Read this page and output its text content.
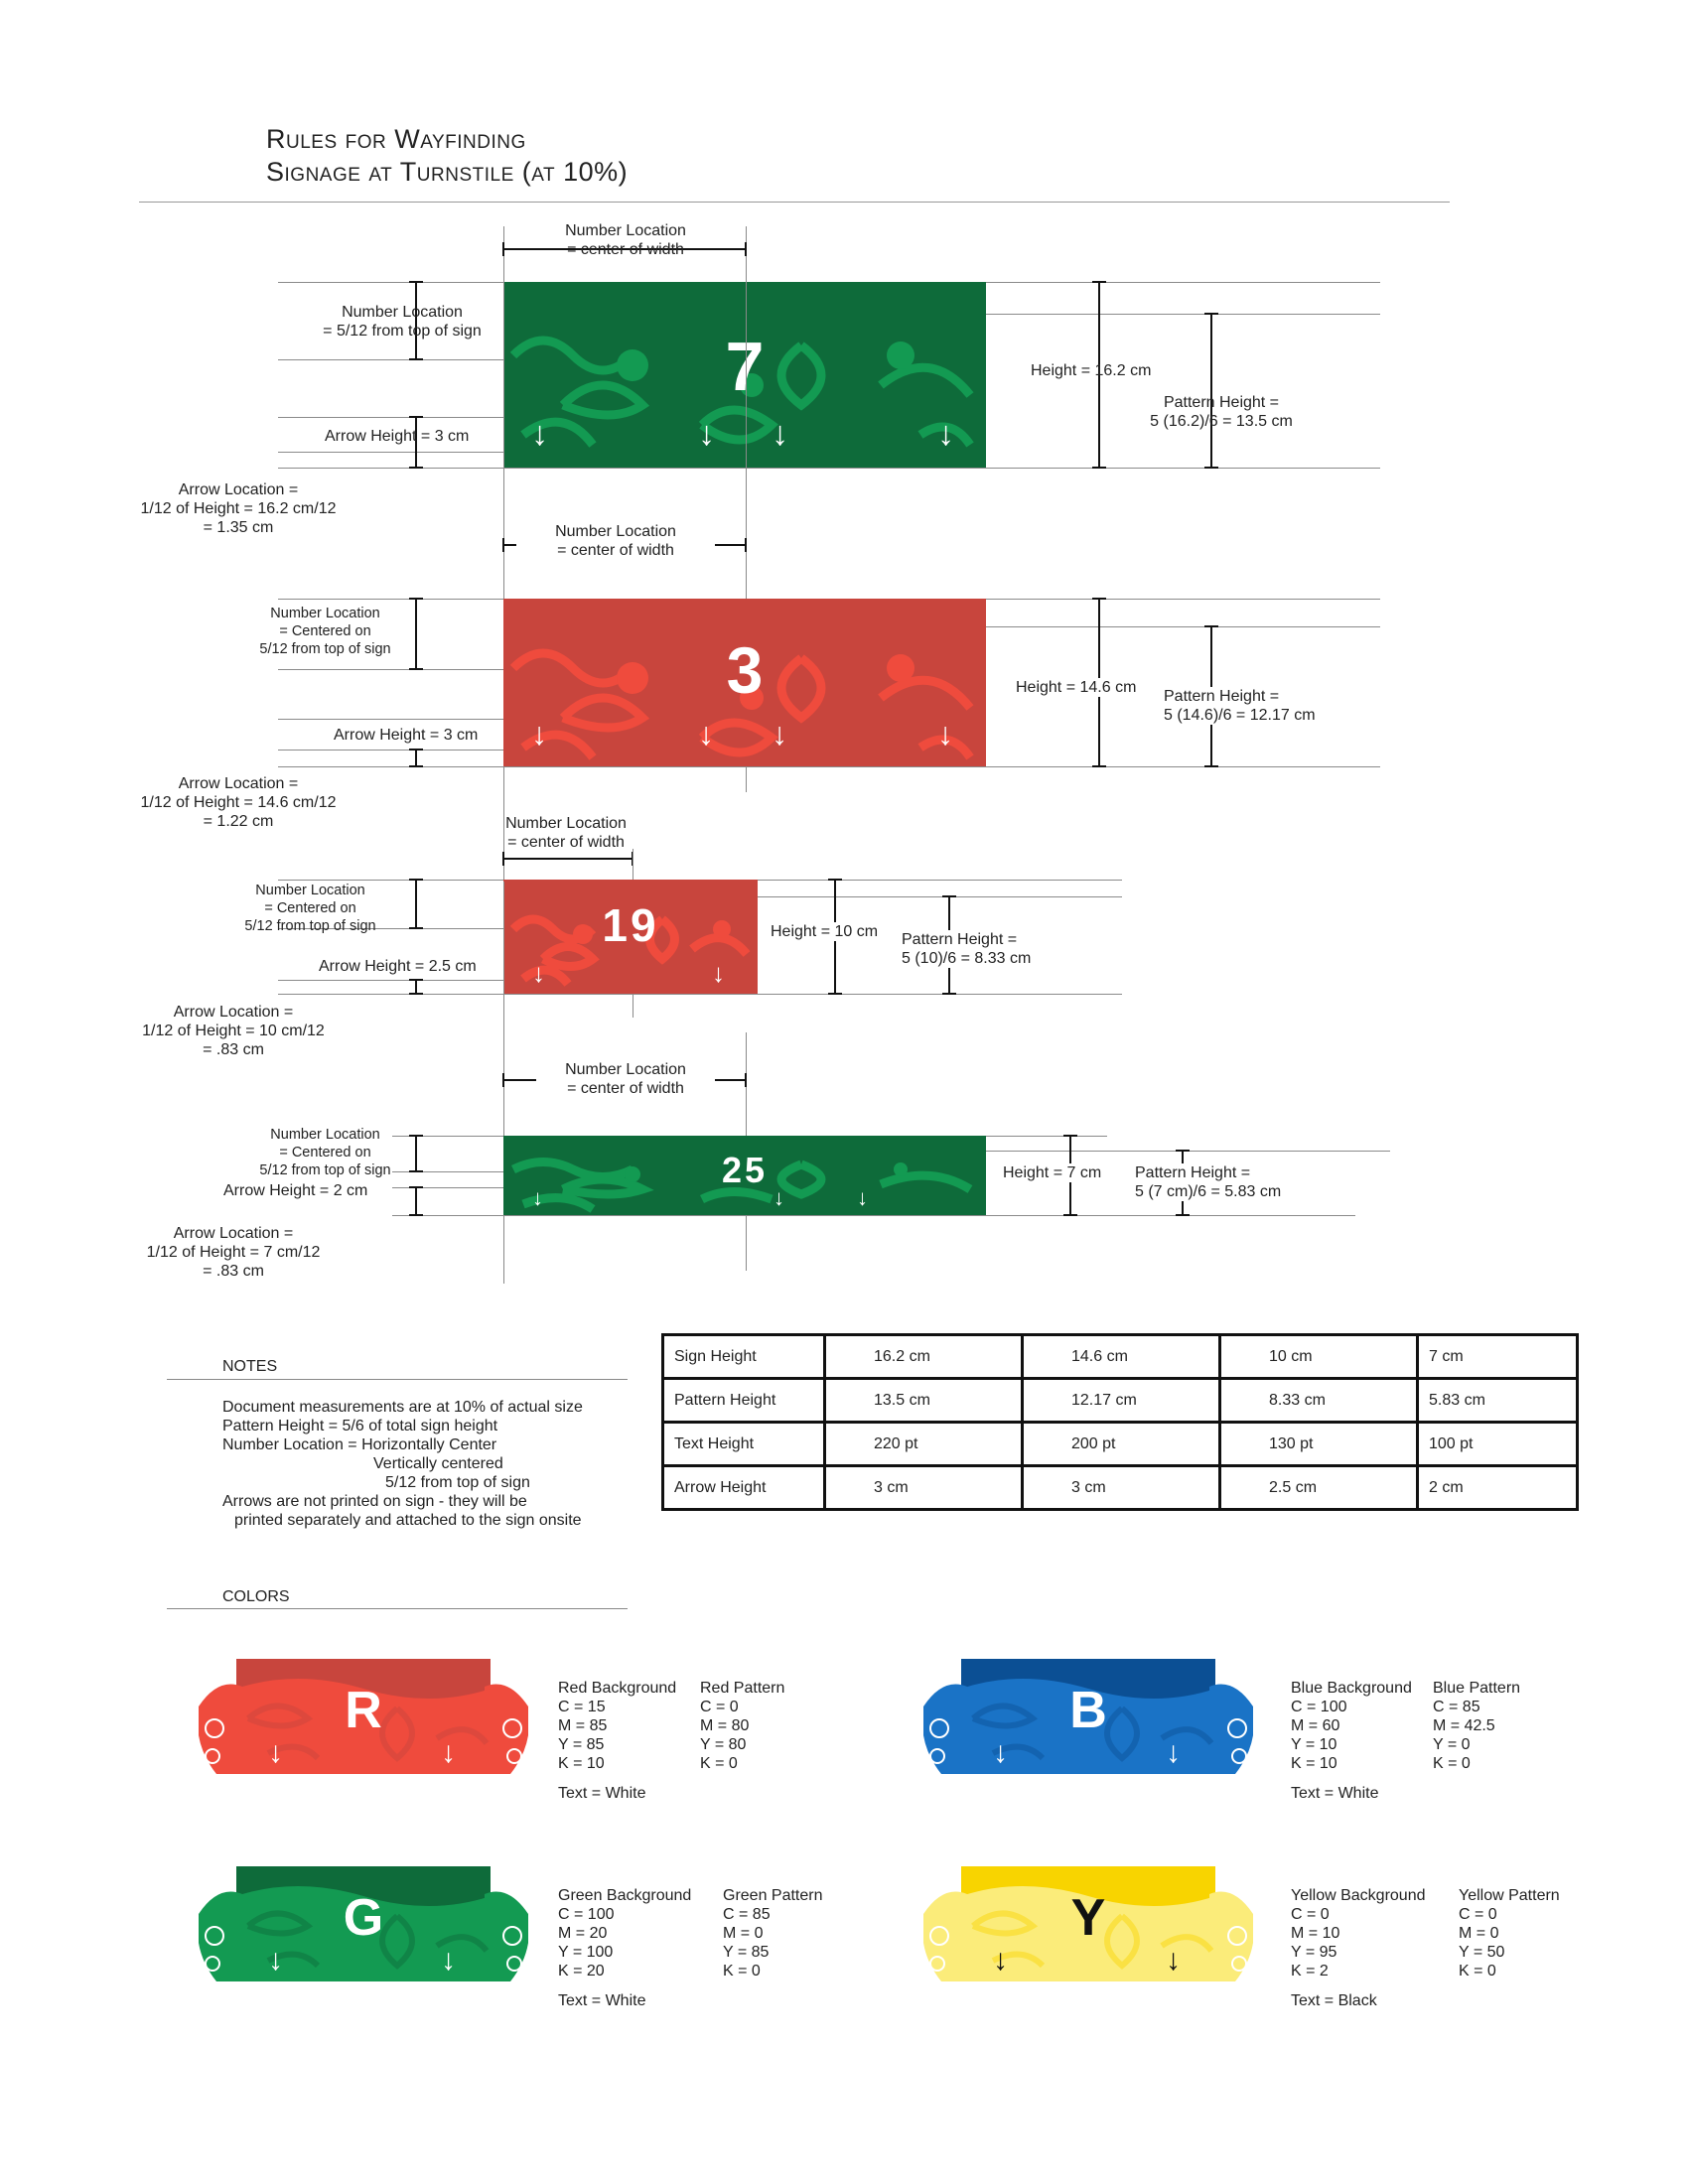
Rules for Wayfinding
Signage at Turnstile (at 10%)
7
↓	↓ ↓	↓
Number Location
= center of width
Number Location
= 5/12 from top of sign
Arrow Height = 3 cm
Arrow Location =
1/12 of Height = 16.2 cm/12
= 1.35 cm
Height = 16.2 cm
Pattern Height =
5 (16.2)/6 = 13.5 cm
Number Location
= center of width
3
↓	↓ ↓	↓
Number Location
= Centered on
5/12 from top of sign
Arrow Height = 3 cm
Arrow Location =
1/12 of Height = 14.6 cm/12
= 1.22 cm
Height = 14.6 cm
Pattern Height =
5 (14.6)/6 = 12.17 cm
Number Location
= center of width
19
↓	↓
Number Location
= Centered on
5/12 from top of sign
Arrow Height = 2.5 cm
Arrow Location =
1/12 of Height = 10 cm/12
= .83 cm
Height = 10 cm Pattern Height =
5 (10)/6 = 8.33 cm
Number Location
= center of width
25
↓	↓	↓
Number Location
= Centered on
5/12 from top of sign
Arrow Height = 2 cm
Arrow Location =
1/12 of Height = 7 cm/12
= .83 cm
Height = 7 cm Pattern Height =
5 (7 cm)/6 = 5.83 cm
NOTES
Document measurements are at 10% of actual size
Pattern Height = 5/6 of total sign height
Number Location = Horizontally Center
Vertically centered
5/12 from top of sign
Arrows are not printed on sign - they will be
printed separately and attached to the sign onsite
Sign Height	16.2 cm	14.6 cm	10 cm	7 cm
Pattern Height	13.5 cm	12.17 cm	8.33 cm	5.83 cm
Text Height	220 pt	200 pt	130 pt	100 pt
Arrow Height	3 cm	3 cm	2.5 cm	2 cm
COLORS
R
↓	↓
Red Background
C = 15
M = 85
Y = 85
K = 10
Text = White
Red Pattern
C = 0
M = 80
Y = 80
K = 0
B
↓	↓
Blue Background
C = 100
M = 60
Y = 10
K = 10
Text = White
Blue Pattern
C = 85
M = 42.5
Y = 0
K = 0
G
↓	↓
Green Background
C = 100
M = 20
Y = 100
K = 20
Text = White
Green Pattern
C = 85
M = 0
Y = 85
K = 0
Y
↓	↓
Yellow Background
C = 0
M = 10
Y = 95
K = 2
Text = Black
Yellow Pattern
C = 0
M = 0
Y = 50
K = 0
